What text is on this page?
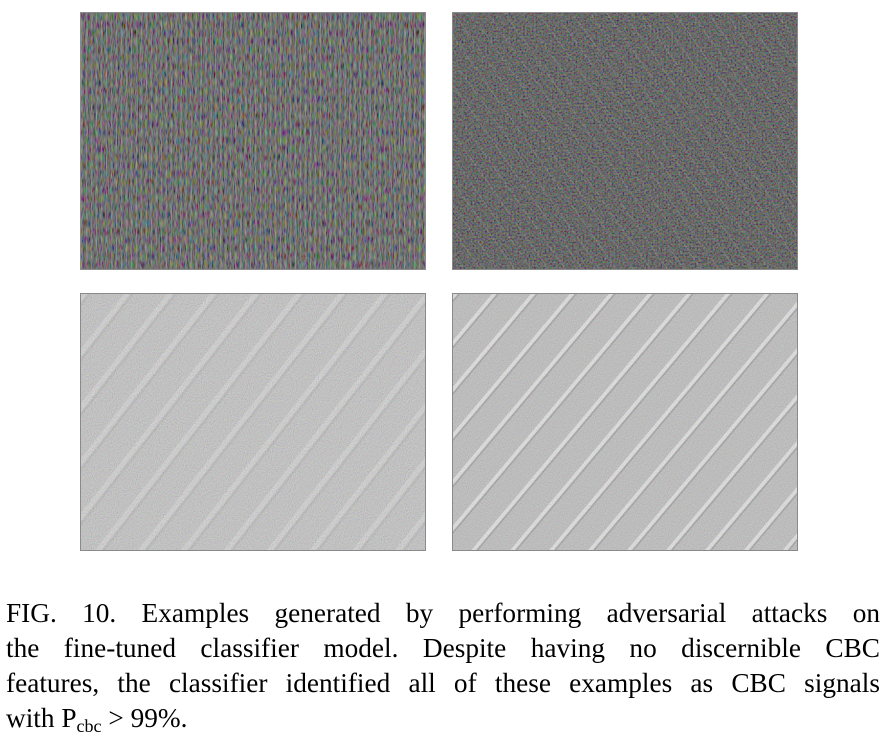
FIG. 10. Examples generated by performing adversarial attacks on
the fine-tuned classifier model. Despite having no discernible CBC
features, the classifier identified all of these examples as CBC signals
with Pcbc > 99%.
